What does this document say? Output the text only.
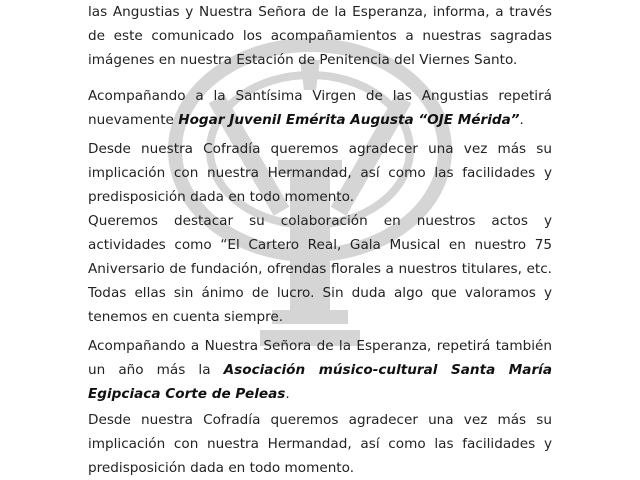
las Angustias y Nuestra Señora de la Esperanza, informa, a través de este comunicado los acompañamientos a nuestras sagradas imágenes en nuestra Estación de Penitencia del Viernes Santo.

Acompañando a la Santísima Virgen de las Angustias repetirá nuevamente Hogar Juvenil Emérita Augusta “OJE Mérida”.

Desde nuestra Cofradía queremos agradecer una vez más su implicación con nuestra Hermandad, así como las facilidades y predisposición dada en todo momento.

Queremos destacar su colaboración en nuestros actos y actividades como “El Cartero Real, Gala Musical en nuestro 75 Aniversario de fundación, ofrendas florales a nuestros titulares, etc. Todas ellas sin ánimo de lucro. Sin duda algo que valoramos y tenemos en cuenta siempre.

Acompañando a Nuestra Señora de la Esperanza, repetirá también un año más la Asociación músico-cultural Santa María Egipciaca Corte de Peleas.

Desde nuestra Cofradía queremos agradecer una vez más su implicación con nuestra Hermandad, así como las facilidades y predisposición dada en todo momento.
